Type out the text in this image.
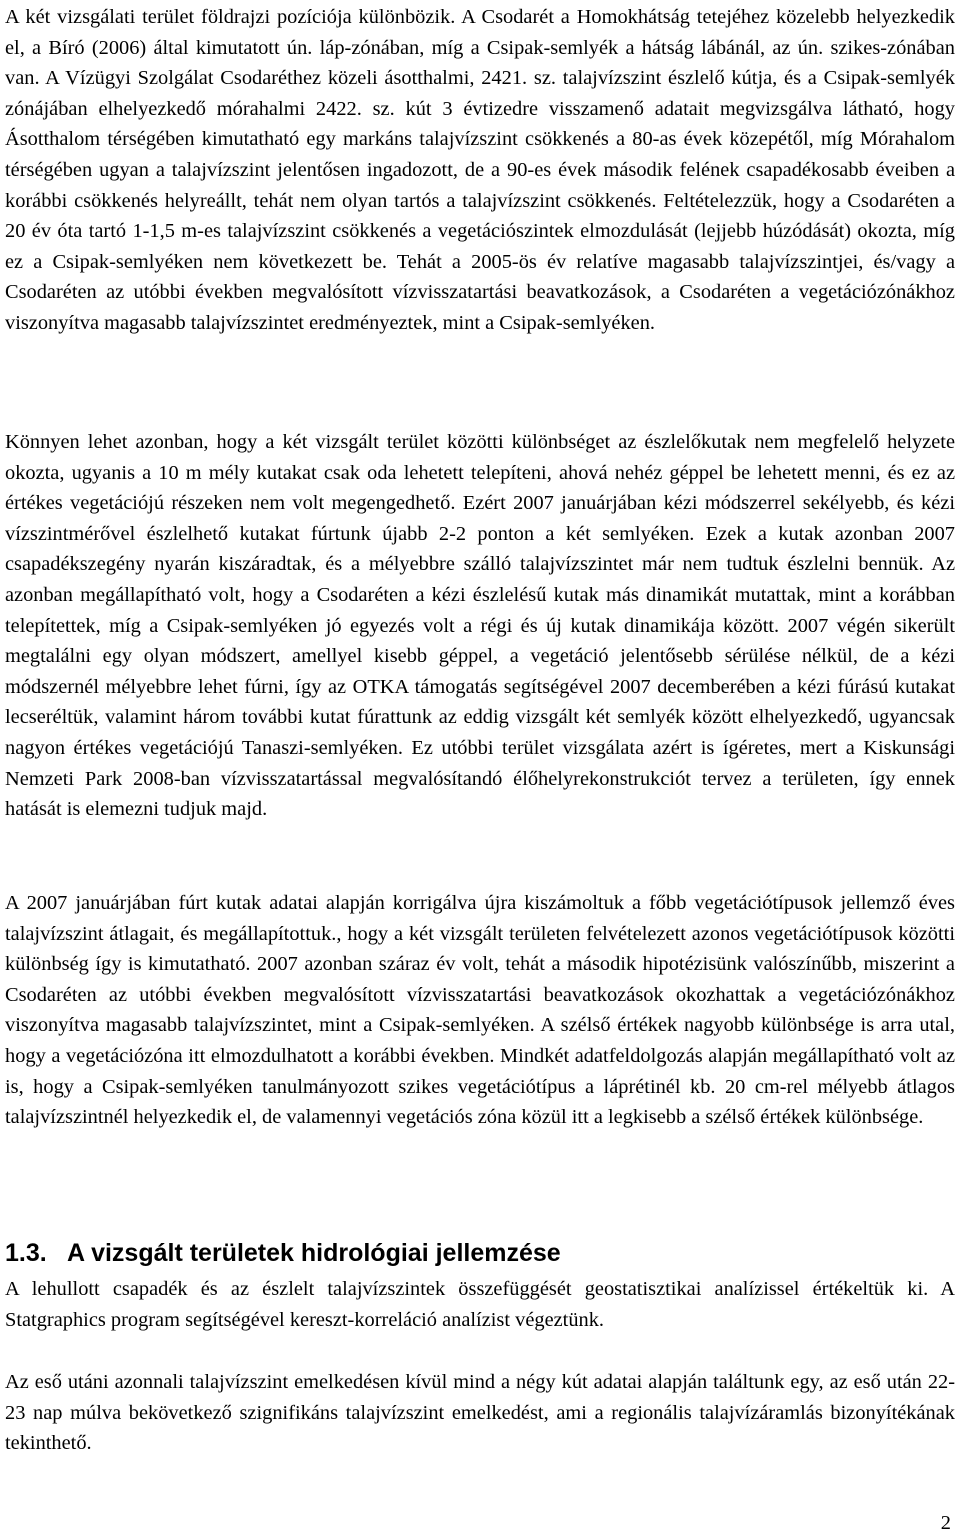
A két vizsgálati terület földrajzi pozíciója különbözik. A Csodarét a Homokhátság tetejéhez közelebb helyezkedik el, a Bíró (2006) által kimutatott ún. láp-zónában, míg a Csipak-semlyék a hátság lábánál, az ún. szikes-zónában van. A Vízügyi Szolgálat Csodaréthez közeli ásotthalmi, 2421. sz. talajvízszint észlelő kútja, és a Csipak-semlyék zónájában elhelyezkedő mórahalmi 2422. sz. kút 3 évtizedre visszamenő adatait megvizsgálva látható, hogy Ásotthalom térségében kimutatható egy markáns talajvízszint csökkenés a 80-as évek közepétől, míg Mórahalom térségében ugyan a talajvízszint jelentősen ingadozott, de a 90-es évek második felének csapadékosabb éveiben a korábbi csökkenés helyreállt, tehát nem olyan tartós a talajvízszint csökkenés. Feltételezzük, hogy a Csodaréten a 20 év óta tartó 1-1,5 m-es talajvízszint csökkenés a vegetációszintek elmozdulását (lejjebb húzódását) okozta, míg ez a Csipak-semlyéken nem következett be. Tehát a 2005-ös év relatíve magasabb talajvízszintjei, és/vagy a Csodaréten az utóbbi években megvalósított vízvisszatartási beavatkozások, a Csodaréten a vegetációzónákhoz viszonyítva magasabb talajvízszintet eredményeztek, mint a Csipak-semlyéken.

Könnyen lehet azonban, hogy a két vizsgált terület közötti különbséget az észlelőkutak nem megfelelő helyzete okozta, ugyanis a 10 m mély kutakat csak oda lehetett telepíteni, ahová nehéz géppel be lehetett menni, és ez az értékes vegetációjú részeken nem volt megengedhető. Ezért 2007 januárjában kézi módszerrel sekélyebb, és kézi vízszintmérővel észlelhető kutakat fúrtunk újabb 2-2 ponton a két semlyéken. Ezek a kutak azonban 2007 csapadékszegény nyarán kiszáradtak, és a mélyebbre szálló talajvízszintet már nem tudtuk észlelni bennük. Az azonban megállapítható volt, hogy a Csodaréten a kézi észlelésű kutak más dinamikát mutattak, mint a korábban telepítettek, míg a Csipak-semlyéken jó egyezés volt a régi és új kutak dinamikája között. 2007 végén sikerült megtalálni egy olyan módszert, amellyel kisebb géppel, a vegetáció jelentősebb sérülése nélkül, de a kézi módszernél mélyebbre lehet fúrni, így az OTKA támogatás segítségével 2007 decemberében a kézi fúrású kutakat lecseréltük, valamint három további kutat fúrattunk az eddig vizsgált két semlyék között elhelyezkedő, ugyancsak nagyon értékes vegetációjú Tanaszi-semlyéken. Ez utóbbi terület vizsgálata azért is ígéretes, mert a Kiskunsági Nemzeti Park 2008-ban vízvisszatartással megvalósítandó élőhelyrekonstrukciót tervez a területen, így ennek hatását is elemezni tudjuk majd.

A 2007 januárjában fúrt kutak adatai alapján korrigálva újra kiszámoltuk a főbb vegetációtípusok jellemző éves talajvízszint átlagait, és megállapítottuk., hogy a két vizsgált területen felvételezett azonos vegetációtípusok közötti különbség így is kimutatható. 2007 azonban száraz év volt, tehát a második hipotézisünk valószínűbb, miszerint a Csodaréten az utóbbi években megvalósított vízvisszatartási beavatkozások okozhattak a vegetációzónákhoz viszonyítva magasabb talajvízszintet, mint a Csipak-semlyéken. A szélső értékek nagyobb különbsége is arra utal, hogy a vegetációzóna itt elmozdulhatott a korábbi években. Mindkét adatfeldolgozás alapján megállapítható volt az is, hogy a Csipak-semlyéken tanulmányozott szikes vegetációtípus a láprétinél kb. 20 cm-rel mélyebb átlagos talajvízszintnél helyezkedik el, de valamennyi vegetációs zóna közül itt a legkisebb a szélső értékek különbsége.

1.3. A vizsgált területek hidrológiai jellemzése

A lehullott csapadék és az észlelt talajvízszintek összefüggését geostatisztikai analízissel értékeltük ki. A Statgraphics program segítségével kereszt-korreláció analízist végeztünk.

Az eső utáni azonnali talajvízszint emelkedésen kívül mind a négy kút adatai alapján találtunk egy, az eső után 22-23 nap múlva bekövetkező szignifikáns talajvízszint emelkedést, ami a regionális talajvízáramlás bizonyítékának tekinthető.

2
